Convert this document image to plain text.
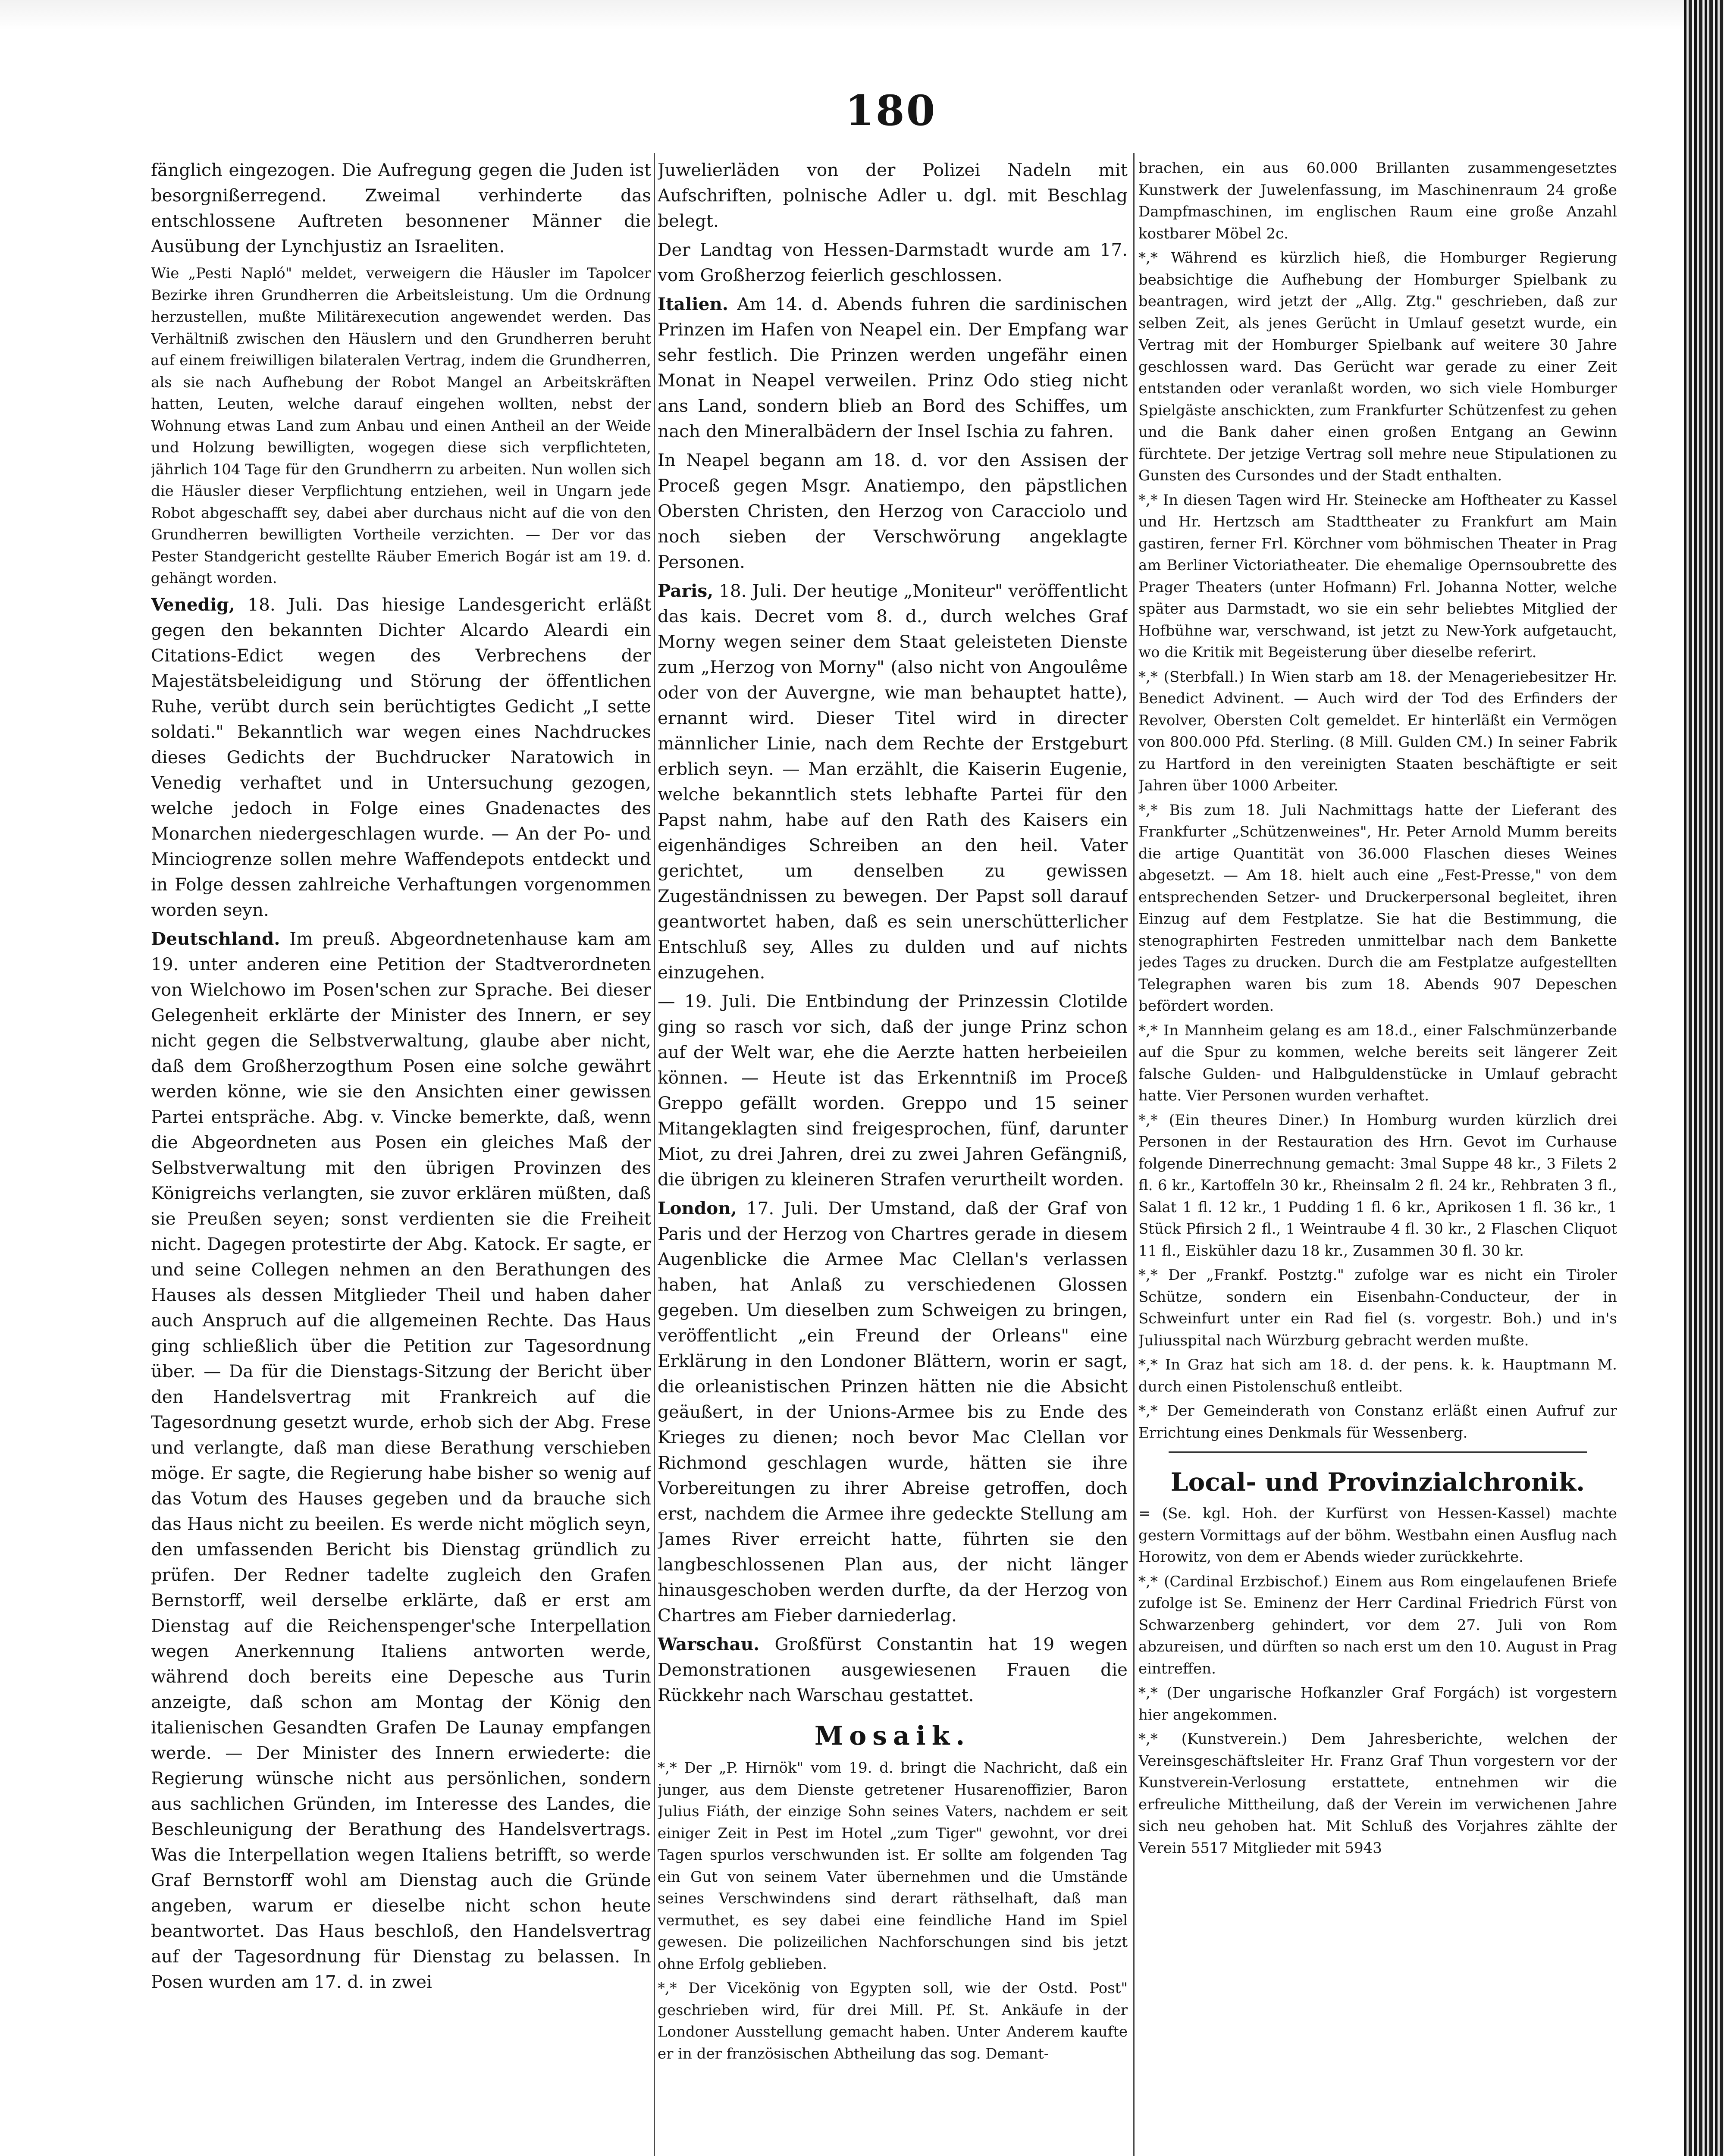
180
fänglich eingezogen. Die Aufregung gegen die Juden ist besorgnißerregend. Zweimal verhinderte das entschlossene Auftreten besonnener Männer die Ausübung der Lynchjustiz an Israeliten.
Wie „Pesti Napló" meldet, verweigern die Häusler im Tapolcer Bezirke ihren Grundherren die Arbeitsleistung. Um die Ordnung herzustellen, mußte Militärexecution angewendet werden. Das Verhältniß zwischen den Häuslern und den Grundherren beruht auf einem freiwilligen bilateralen Vertrag, indem die Grundherren, als sie nach Aufhebung der Robot Mangel an Arbeitskräften hatten, Leuten, welche darauf eingehen wollten, nebst der Wohnung etwas Land zum Anbau und einen Antheil an der Weide und Holzung bewilligten, wogegen diese sich verpflichteten, jährlich 104 Tage für den Grundherrn zu arbeiten. Nun wollen sich die Häusler dieser Verpflichtung entziehen, weil in Ungarn jede Robot abgeschafft sey, dabei aber durchaus nicht auf die von den Grundherren bewilligten Vortheile verzichten. — Der vor das Pester Standgericht gestellte Räuber Emerich Bogár ist am 19. d. gehängt worden.
Venedig, 18. Juli. Das hiesige Landesgericht erläßt gegen den bekannten Dichter Alcardo Aleardi ein Citations-Edict wegen des Verbrechens der Majestätsbeleidigung und Störung der öffentlichen Ruhe, verübt durch sein berüchtigtes Gedicht „I sette soldati." Bekanntlich war wegen eines Nachdruckes dieses Gedichts der Buchdrucker Naratowich in Venedig verhaftet und in Untersuchung gezogen, welche jedoch in Folge eines Gnadenactes des Monarchen niedergeschlagen wurde. — An der Po- und Minciogrenze sollen mehre Waffendepots entdeckt und in Folge dessen zahlreiche Verhaftungen vorgenommen worden seyn.
Deutschland. Im preuß. Abgeordnetenhause kam am 19. unter anderen eine Petition der Stadtverordneten von Wielchowo im Posen'schen zur Sprache. Bei dieser Gelegenheit erklärte der Minister des Innern, er sey nicht gegen die Selbstverwaltung, glaube aber nicht, daß dem Großherzogthum Posen eine solche gewährt werden könne, wie sie den Ansichten einer gewissen Partei entspräche. Abg. v. Vincke bemerkte, daß, wenn die Abgeordneten aus Posen ein gleiches Maß der Selbstverwaltung mit den übrigen Provinzen des Königreichs verlangten, sie zuvor erklären müßten, daß sie Preußen seyen; sonst verdienten sie die Freiheit nicht. Dagegen protestirte der Abg. Katock. Er sagte, er und seine Collegen nehmen an den Berathungen des Hauses als dessen Mitglieder Theil und haben daher auch Anspruch auf die allgemeinen Rechte. Das Haus ging schließlich über die Petition zur Tagesordnung über. — Da für die Dienstags-Sitzung der Bericht über den Handelsvertrag mit Frankreich auf die Tagesordnung gesetzt wurde, erhob sich der Abg. Frese und verlangte, daß man diese Berathung verschieben möge. Er sagte, die Regierung habe bisher so wenig auf das Votum des Hauses gegeben und da brauche sich das Haus nicht zu beeilen. Es werde nicht möglich seyn, den umfassenden Bericht bis Dienstag gründlich zu prüfen. Der Redner tadelte zugleich den Grafen Bernstorff, weil derselbe erklärte, daß er erst am Dienstag auf die Reichenspenger'sche Interpellation wegen Anerkennung Italiens antworten werde, während doch bereits eine Depesche aus Turin anzeigte, daß schon am Montag der König den italienischen Gesandten Grafen De Launay empfangen werde. — Der Minister des Innern erwiederte: die Regierung wünsche nicht aus persönlichen, sondern aus sachlichen Gründen, im Interesse des Landes, die Beschleunigung der Berathung des Handelsvertrags. Was die Interpellation wegen Italiens betrifft, so werde Graf Bernstorff wohl am Dienstag auch die Gründe angeben, warum er dieselbe nicht schon heute beantwortet. Das Haus beschloß, den Handelsvertrag auf der Tagesordnung für Dienstag zu belassen. In Posen wurden am 17. d. in zwei
Juwelierläden von der Polizei Nadeln mit Aufschriften, polnische Adler u. dgl. mit Beschlag belegt.
Der Landtag von Hessen-Darmstadt wurde am 17. vom Großherzog feierlich geschlossen.
Italien. Am 14. d. Abends fuhren die sardinischen Prinzen im Hafen von Neapel ein. Der Empfang war sehr festlich. Die Prinzen werden ungefähr einen Monat in Neapel verweilen. Prinz Odo stieg nicht ans Land, sondern blieb an Bord des Schiffes, um nach den Mineralbädern der Insel Ischia zu fahren.
In Neapel begann am 18. d. vor den Assisen der Proceß gegen Msgr. Anatiempo, den päpstlichen Obersten Christen, den Herzog von Caracciolo und noch sieben der Verschwörung angeklagte Personen.
Paris, 18. Juli. Der heutige „Moniteur" veröffentlicht das kais. Decret vom 8. d., durch welches Graf Morny wegen seiner dem Staat geleisteten Dienste zum „Herzog von Morny" (also nicht von Angoulême oder von der Auvergne, wie man behauptet hatte), ernannt wird. Dieser Titel wird in directer männlicher Linie, nach dem Rechte der Erstgeburt erblich seyn. — Man erzählt, die Kaiserin Eugenie, welche bekanntlich stets lebhafte Partei für den Papst nahm, habe auf den Rath des Kaisers ein eigenhändiges Schreiben an den heil. Vater gerichtet, um denselben zu gewissen Zugeständnissen zu bewegen. Der Papst soll darauf geantwortet haben, daß es sein unerschütterlicher Entschluß sey, Alles zu dulden und auf nichts einzugehen.
— 19. Juli. Die Entbindung der Prinzessin Clotilde ging so rasch vor sich, daß der junge Prinz schon auf der Welt war, ehe die Aerzte hatten herbeieilen können. — Heute ist das Erkenntniß im Proceß Greppo gefällt worden. Greppo und 15 seiner Mitangeklagten sind freigesprochen, fünf, darunter Miot, zu drei Jahren, drei zu zwei Jahren Gefängniß, die übrigen zu kleineren Strafen verurtheilt worden.
London, 17. Juli. Der Umstand, daß der Graf von Paris und der Herzog von Chartres gerade in diesem Augenblicke die Armee Mac Clellan's verlassen haben, hat Anlaß zu verschiedenen Glossen gegeben. Um dieselben zum Schweigen zu bringen, veröffentlicht „ein Freund der Orleans" eine Erklärung in den Londoner Blättern, worin er sagt, die orleanistischen Prinzen hätten nie die Absicht geäußert, in der Unions-Armee bis zu Ende des Krieges zu dienen; noch bevor Mac Clellan vor Richmond geschlagen wurde, hätten sie ihre Vorbereitungen zu ihrer Abreise getroffen, doch erst, nachdem die Armee ihre gedeckte Stellung am James River erreicht hatte, führten sie den langbeschlossenen Plan aus, der nicht länger hinausgeschoben werden durfte, da der Herzog von Chartres am Fieber darniederlag.
Warschau. Großfürst Constantin hat 19 wegen Demonstrationen ausgewiesenen Frauen die Rückkehr nach Warschau gestattet.
Mosaik.
*,* Der „P. Hirnök" vom 19. d. bringt die Nachricht, daß ein junger, aus dem Dienste getretener Husarenoffizier, Baron Julius Fiáth, der einzige Sohn seines Vaters, nachdem er seit einiger Zeit in Pest im Hotel „zum Tiger" gewohnt, vor drei Tagen spurlos verschwunden ist. Er sollte am folgenden Tag ein Gut von seinem Vater übernehmen und die Umstände seines Verschwindens sind derart räthselhaft, daß man vermuthet, es sey dabei eine feindliche Hand im Spiel gewesen. Die polizeilichen Nachforschungen sind bis jetzt ohne Erfolg geblieben.
*,* Der Vicekönig von Egypten soll, wie der Ostd. Post" geschrieben wird, für drei Mill. Pf. St. Ankäufe in der Londoner Ausstellung gemacht haben. Unter Anderem kaufte er in der französischen Abtheilung das sog. Demant-
brachen, ein aus 60.000 Brillanten zusammengesetztes Kunstwerk der Juwelenfassung, im Maschinenraum 24 große Dampfmaschinen, im englischen Raum eine große Anzahl kostbarer Möbel 2c.
*,* Während es kürzlich hieß, die Homburger Regierung beabsichtige die Aufhebung der Homburger Spielbank zu beantragen, wird jetzt der „Allg. Ztg." geschrieben, daß zur selben Zeit, als jenes Gerücht in Umlauf gesetzt wurde, ein Vertrag mit der Homburger Spielbank auf weitere 30 Jahre geschlossen ward. Das Gerücht war gerade zu einer Zeit entstanden oder veranlaßt worden, wo sich viele Homburger Spielgäste anschickten, zum Frankfurter Schützenfest zu gehen und die Bank daher einen großen Entgang an Gewinn fürchtete. Der jetzige Vertrag soll mehre neue Stipulationen zu Gunsten des Cursondes und der Stadt enthalten.
*,* In diesen Tagen wird Hr. Steinecke am Hoftheater zu Kassel und Hr. Hertzsch am Stadttheater zu Frankfurt am Main gastiren, ferner Frl. Körchner vom böhmischen Theater in Prag am Berliner Victoriatheater. Die ehemalige Opernsoubrette des Prager Theaters (unter Hofmann) Frl. Johanna Notter, welche später aus Darmstadt, wo sie ein sehr beliebtes Mitglied der Hofbühne war, verschwand, ist jetzt zu New-York aufgetaucht, wo die Kritik mit Begeisterung über dieselbe referirt.
*,* (Sterbfall.) In Wien starb am 18. der Menageriebesitzer Hr. Benedict Advinent. — Auch wird der Tod des Erfinders der Revolver, Obersten Colt gemeldet. Er hinterläßt ein Vermögen von 800.000 Pfd. Sterling. (8 Mill. Gulden CM.) In seiner Fabrik zu Hartford in den vereinigten Staaten beschäftigte er seit Jahren über 1000 Arbeiter.
*,* Bis zum 18. Juli Nachmittags hatte der Lieferant des Frankfurter „Schützenweines", Hr. Peter Arnold Mumm bereits die artige Quantität von 36.000 Flaschen dieses Weines abgesetzt. — Am 18. hielt auch eine „Fest-Presse," von dem entsprechenden Setzer- und Druckerpersonal begleitet, ihren Einzug auf dem Festplatze. Sie hat die Bestimmung, die stenographirten Festreden unmittelbar nach dem Bankette jedes Tages zu drucken. Durch die am Festplatze aufgestellten Telegraphen waren bis zum 18. Abends 907 Depeschen befördert worden.
*,* In Mannheim gelang es am 18.d., einer Falschmünzerbande auf die Spur zu kommen, welche bereits seit längerer Zeit falsche Gulden- und Halbguldenstücke in Umlauf gebracht hatte. Vier Personen wurden verhaftet.
*,* (Ein theures Diner.) In Homburg wurden kürzlich drei Personen in der Restauration des Hrn. Gevot im Curhause folgende Dinerrechnung gemacht: 3mal Suppe 48 kr., 3 Filets 2 fl. 6 kr., Kartoffeln 30 kr., Rheinsalm 2 fl. 24 kr., Rehbraten 3 fl., Salat 1 fl. 12 kr., 1 Pudding 1 fl. 6 kr., Aprikosen 1 fl. 36 kr., 1 Stück Pfirsich 2 fl., 1 Weintraube 4 fl. 30 kr., 2 Flaschen Cliquot 11 fl., Eiskühler dazu 18 kr., Zusammen 30 fl. 30 kr.
*,* Der „Frankf. Postztg." zufolge war es nicht ein Tiroler Schütze, sondern ein Eisenbahn-Conducteur, der in Schweinfurt unter ein Rad fiel (s. vorgestr. Boh.) und in's Juliusspital nach Würzburg gebracht werden mußte.
*,* In Graz hat sich am 18. d. der pens. k. k. Hauptmann M. durch einen Pistolenschuß entleibt.
*,* Der Gemeinderath von Constanz erläßt einen Aufruf zur Errichtung eines Denkmals für Wessenberg.
Local- und Provinzialchronik.
= (Se. kgl. Hoh. der Kurfürst von Hessen-Kassel) machte gestern Vormittags auf der böhm. Westbahn einen Ausflug nach Horowitz, von dem er Abends wieder zurückkehrte.
*,* (Cardinal Erzbischof.) Einem aus Rom eingelaufenen Briefe zufolge ist Se. Eminenz der Herr Cardinal Friedrich Fürst von Schwarzenberg gehindert, vor dem 27. Juli von Rom abzureisen, und dürften so nach erst um den 10. August in Prag eintreffen.
*,* (Der ungarische Hofkanzler Graf Forgách) ist vorgestern hier angekommen.
*,* (Kunstverein.) Dem Jahresberichte, welchen der Vereinsgeschäftsleiter Hr. Franz Graf Thun vorgestern vor der Kunstverein-Verlosung erstattete, entnehmen wir die erfreuliche Mittheilung, daß der Verein im verwichenen Jahre sich neu gehoben hat. Mit Schluß des Vorjahres zählte der Verein 5517 Mitglieder mit 5943
